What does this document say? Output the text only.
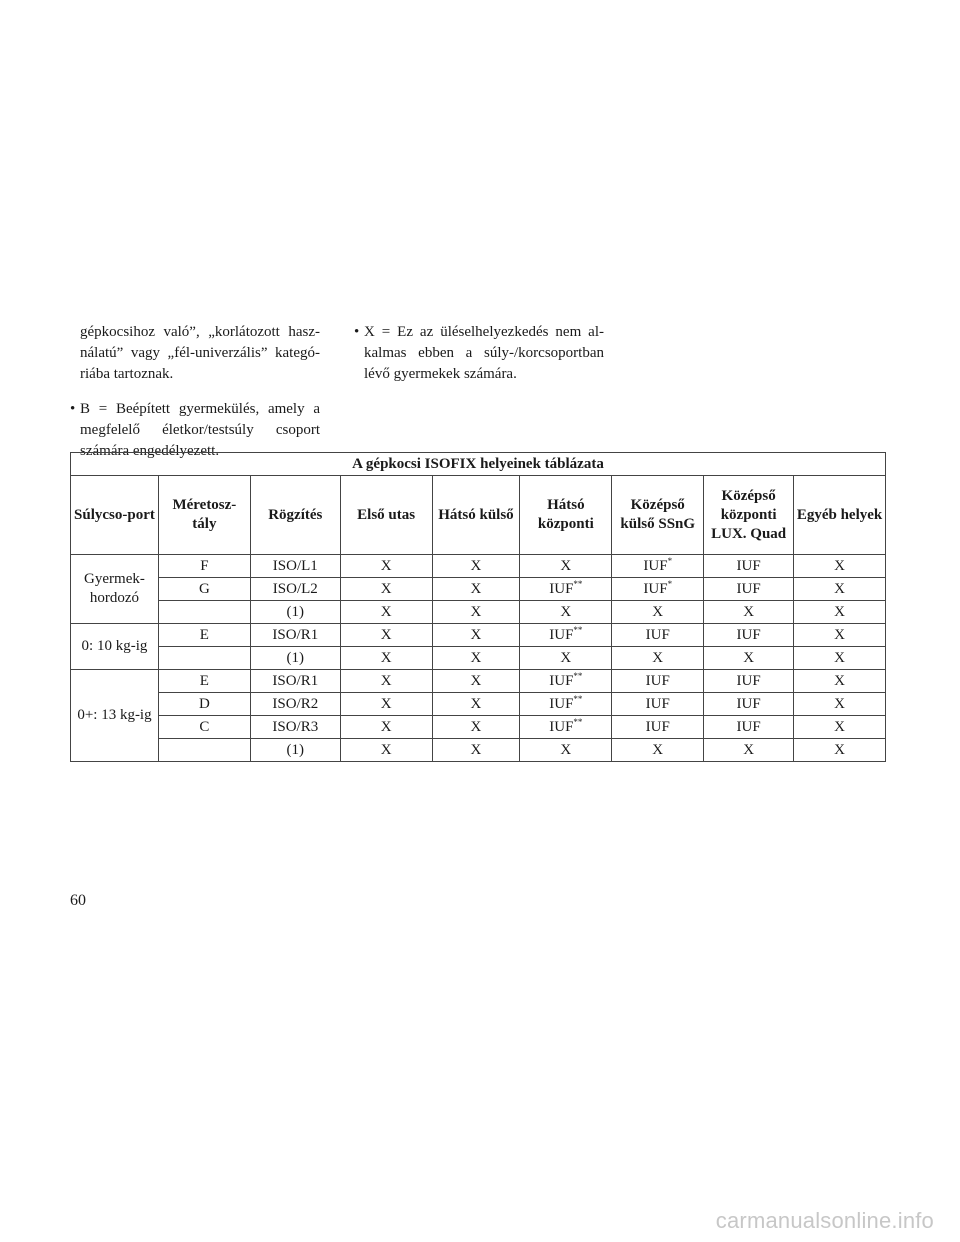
gépkocsihoz való”, „korlátozott hasz-nálatú” vagy „fél-univerzális” kategó-riába tartoznak.
• B = Beépített gyermekülés, amely a megfelelő életkor/testsúly csoport számára engedélyezett.
• X = Ez az üléselhelyezkedés nem al-kalmas ebben a súly-/korcsoportban lévő gyermekek számára.
A gépkocsi ISOFIX helyeinek táblázata								
Súlycso-port	Méretosz-tály	Rögzítés	Első utas	Hátsó külső	Hátsó központi	Középső külső SSnG	Középső központi LUX. Quad	Egyéb helyek
Gyermek-hordozó	F	ISO/L1	X	X	X	IUF*	IUF	X
	G	ISO/L2	X	X	IUF**	IUF*	IUF	X
		(1)	X	X	X	X	X	X
0: 10 kg-ig	E	ISO/R1	X	X	IUF**	IUF	IUF	X
		(1)	X	X	X	X	X	X
0+: 13 kg-ig	E	ISO/R1	X	X	IUF**	IUF	IUF	X
	D	ISO/R2	X	X	IUF**	IUF	IUF	X
	C	ISO/R3	X	X	IUF**	IUF	IUF	X
		(1)	X	X	X	X	X	X
60
carmanualsonline.info
